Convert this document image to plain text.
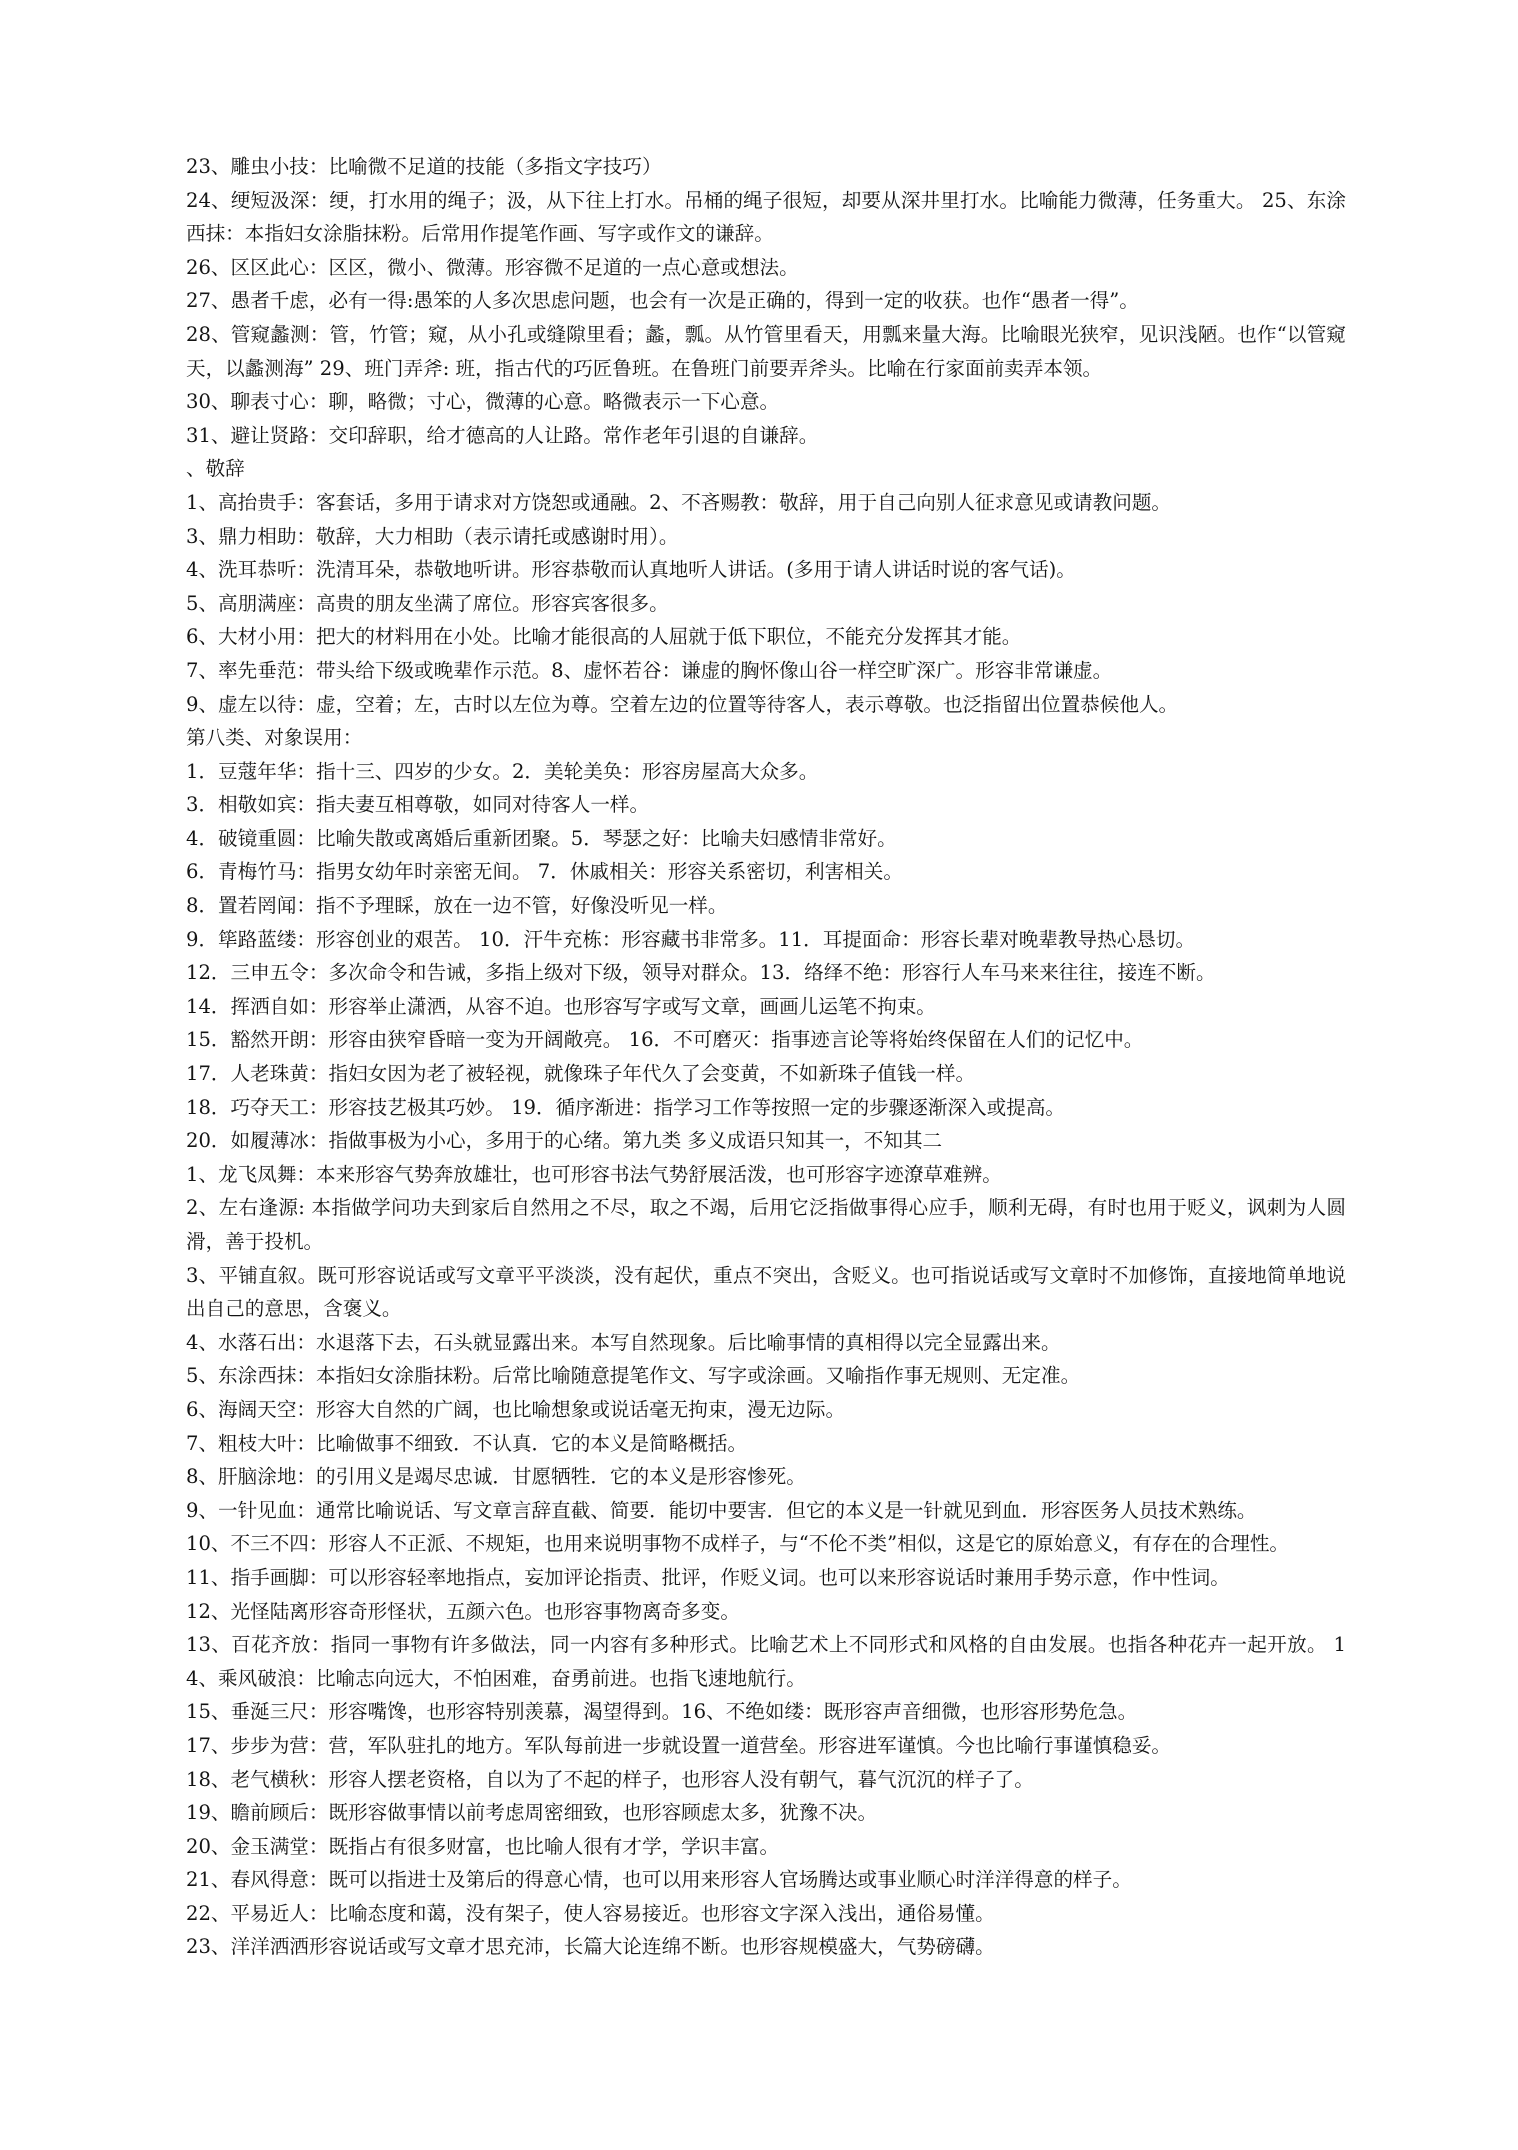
23、雕虫小技：比喻微不足道的技能（多指文字技巧）

24、绠短汲深：绠，打水用的绳子；汲，从下往上打水。吊桶的绳子很短，却要从深井里打水。比喻能力微薄，任务重大。 25、东涂西抹：本指妇女涂脂抹粉。后常用作提笔作画、写字或作文的谦辞。

26、区区此心：区区，微小、微薄。形容微不足道的一点心意或想法。

27、愚者千虑，必有一得:愚笨的人多次思虑问题，也会有一次是正确的，得到一定的收获。也作“愚者一得”。

28、管窥蠡测：管，竹管；窥，从小孔或缝隙里看；蠡，瓢。从竹管里看天，用瓢来量大海。比喻眼光狭窄，见识浅陋。也作“以管窥天，以蠡测海” 29、班门弄斧: 班，指古代的巧匠鲁班。在鲁班门前要弄斧头。比喻在行家面前卖弄本领。

30、聊表寸心：聊，略微；寸心，微薄的心意。略微表示一下心意。

31、避让贤路：交印辞职，给才德高的人让路。常作老年引退的自谦辞。

、敬辞

1、高抬贵手：客套话，多用于请求对方饶恕或通融。2、不吝赐教：敬辞，用于自己向别人征求意见或请教问题。

3、鼎力相助：敬辞，大力相助（表示请托或感谢时用）。

4、洗耳恭听：洗清耳朵，恭敬地听讲。形容恭敬而认真地听人讲话。(多用于请人讲话时说的客气话)。

5、高朋满座：高贵的朋友坐满了席位。形容宾客很多。

6、大材小用：把大的材料用在小处。比喻才能很高的人屈就于低下职位，不能充分发挥其才能。

7、率先垂范：带头给下级或晚辈作示范。8、虚怀若谷：谦虚的胸怀像山谷一样空旷深广。形容非常谦虚。

9、虚左以待：虚，空着；左，古时以左位为尊。空着左边的位置等待客人，表示尊敬。也泛指留出位置恭候他人。

第八类、对象误用：

1．豆蔻年华：指十三、四岁的少女。2．美轮美奂：形容房屋高大众多。

3．相敬如宾：指夫妻互相尊敬，如同对待客人一样。

4．破镜重圆：比喻失散或离婚后重新团聚。5．琴瑟之好：比喻夫妇感情非常好。

6．青梅竹马：指男女幼年时亲密无间。 7．休戚相关：形容关系密切，利害相关。

8．置若罔闻：指不予理睬，放在一边不管，好像没听见一样。

9．筚路蓝缕：形容创业的艰苦。 10．汗牛充栋：形容藏书非常多。11．耳提面命：形容长辈对晚辈教导热心恳切。

12．三申五令：多次命令和告诫，多指上级对下级，领导对群众。13．络绎不绝：形容行人车马来来往往，接连不断。

14．挥洒自如：形容举止潇洒，从容不迫。也形容写字或写文章，画画儿运笔不拘束。

15．豁然开朗：形容由狭窄昏暗一变为开阔敞亮。 16．不可磨灭：指事迹言论等将始终保留在人们的记忆中。

17．人老珠黄：指妇女因为老了被轻视，就像珠子年代久了会变黄，不如新珠子值钱一样。

18．巧夺天工：形容技艺极其巧妙。 19．循序渐进：指学习工作等按照一定的步骤逐渐深入或提高。

20．如履薄冰：指做事极为小心，多用于的心绪。第九类 多义成语只知其一，不知其二

1、龙飞凤舞：本来形容气势奔放雄壮，也可形容书法气势舒展活泼，也可形容字迹潦草难辨。

2、左右逢源: 本指做学问功夫到家后自然用之不尽，取之不竭，后用它泛指做事得心应手，顺利无碍，有时也用于贬义，讽刺为人圆滑，善于投机。

3、平铺直叙。既可形容说话或写文章平平淡淡，没有起伏，重点不突出，含贬义。也可指说话或写文章时不加修饰，直接地简单地说出自己的意思，含褒义。

4、水落石出：水退落下去，石头就显露出来。本写自然现象。后比喻事情的真相得以完全显露出来。

5、东涂西抹：本指妇女涂脂抹粉。后常比喻随意提笔作文、写字或涂画。又喻指作事无规则、无定准。

6、海阔天空：形容大自然的广阔，也比喻想象或说话毫无拘束，漫无边际。

7、粗枝大叶：比喻做事不细致．不认真．它的本义是简略概括。

8、肝脑涂地：的引用义是竭尽忠诚．甘愿牺牲．它的本义是形容惨死。

9、一针见血：通常比喻说话、写文章言辞直截、简要．能切中要害．但它的本义是一针就见到血．形容医务人员技术熟练。

10、不三不四：形容人不正派、不规矩，也用来说明事物不成样子，与“不伦不类”相似，这是它的原始意义，有存在的合理性。

11、指手画脚：可以形容轻率地指点，妄加评论指责、批评，作贬义词。也可以来形容说话时兼用手势示意，作中性词。

12、光怪陆离形容奇形怪状，五颜六色。也形容事物离奇多变。

13、百花齐放：指同一事物有许多做法，同一内容有多种形式。比喻艺术上不同形式和风格的自由发展。也指各种花卉一起开放。 14、乘风破浪：比喻志向远大，不怕困难，奋勇前进。也指飞速地航行。

15、垂涎三尺：形容嘴馋，也形容特别羡慕，渴望得到。16、不绝如缕：既形容声音细微，也形容形势危急。

17、步步为营：营，军队驻扎的地方。军队每前进一步就设置一道营垒。形容进军谨慎。今也比喻行事谨慎稳妥。

18、老气横秋：形容人摆老资格，自以为了不起的样子，也形容人没有朝气，暮气沉沉的样子了。

19、瞻前顾后：既形容做事情以前考虑周密细致，也形容顾虑太多，犹豫不决。

20、金玉满堂：既指占有很多财富，也比喻人很有才学，学识丰富。

21、春风得意：既可以指进士及第后的得意心情，也可以用来形容人官场腾达或事业顺心时洋洋得意的样子。

22、平易近人：比喻态度和蔼，没有架子，使人容易接近。也形容文字深入浅出，通俗易懂。

23、洋洋洒洒形容说话或写文章才思充沛，长篇大论连绵不断。也形容规模盛大，气势磅礴。
